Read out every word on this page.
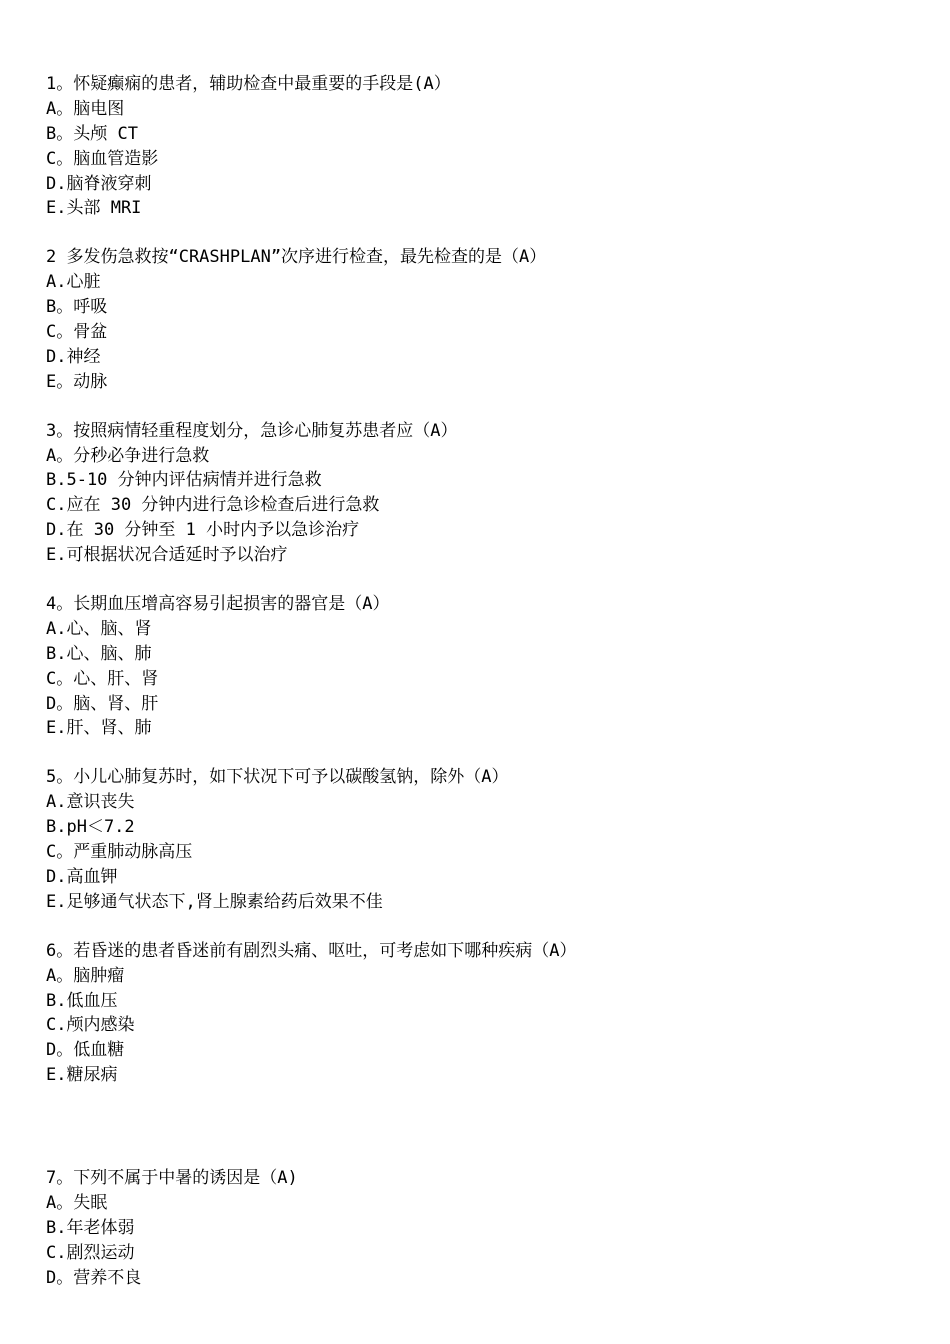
1。怀疑癫痫的患者，辅助检查中最重要的手段是(A）
A。脑电图
B。头颅 CT
C。脑血管造影
D.脑脊液穿刺
E.头部 MRI
2 多发伤急救按“CRASHPLAN”次序进行检查，最先检查的是（A）
A.心脏
B。呼吸
C。骨盆
D.神经
E。动脉
3。按照病情轻重程度划分，急诊心肺复苏患者应（A）
A。分秒必争进行急救
B.5-10 分钟内评估病情并进行急救
C.应在 30 分钟内进行急诊检查后进行急救
D.在 30 分钟至 1 小时内予以急诊治疗
E.可根据状况合适延时予以治疗
4。长期血压增高容易引起损害的器官是（A）
A.心、脑、肾
B.心、脑、肺
C。心、肝、肾
D。脑、肾、肝
E.肝、肾、肺
5。小儿心肺复苏时，如下状况下可予以碳酸氢钠，除外（A）
A.意识丧失
B.pH＜7.2
C。严重肺动脉高压
D.高血钾
E.足够通气状态下,肾上腺素给药后效果不佳
6。若昏迷的患者昏迷前有剧烈头痛、呕吐，可考虑如下哪种疾病（A）
A。脑肿瘤
B.低血压
C.颅内感染
D。低血糖
E.糖尿病
7。下列不属于中暑的诱因是（A)
A。失眠
B.年老体弱
C.剧烈运动
D。营养不良
